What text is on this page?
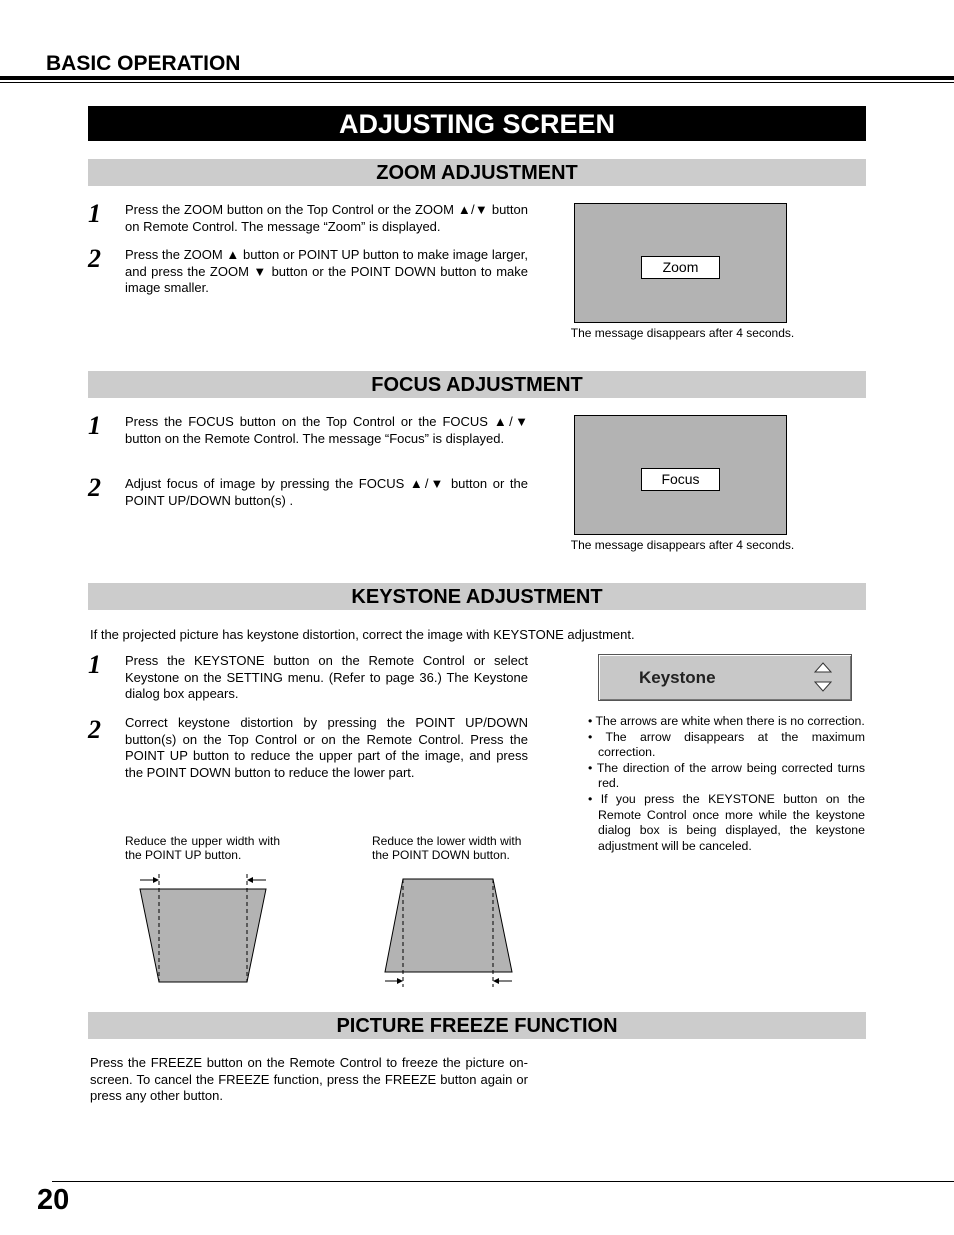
BASIC OPERATION
ADJUSTING SCREEN
ZOOM ADJUSTMENT
1 Press the ZOOM button on the Top Control or the ZOOM ▲/▼ button on Remote Control. The message “Zoom” is displayed.
2 Press the ZOOM ▲ button or POINT UP button to make image larger, and press the ZOOM ▼ button or the POINT DOWN button to make image smaller.
Zoom
The message disappears after 4 seconds.
FOCUS ADJUSTMENT
1 Press the FOCUS button on the Top Control or the FOCUS ▲/▼ button on the Remote Control. The message “Focus” is displayed.
2 Adjust focus of image by pressing the FOCUS ▲/▼ button or the POINT UP/DOWN button(s) .
Focus
The message disappears after 4 seconds.
KEYSTONE ADJUSTMENT
If the projected picture has keystone distortion, correct the image with KEYSTONE adjustment.
1 Press the KEYSTONE button on the Remote Control or select Keystone on the SETTING menu. (Refer to page 36.) The Keystone dialog box appears.
2 Correct keystone distortion by pressing the POINT UP/DOWN button(s) on the Top Control or on the Remote Control. Press the POINT UP button to reduce the upper part of the image, and press the POINT DOWN button to reduce the lower part.
Keystone
• The arrows are white when there is no correction.
• The arrow disappears at the maximum correction.
• The direction of the arrow being corrected turns red.
• If you press the KEYSTONE button on the Remote Control once more while the keystone dialog box is being displayed, the keystone adjustment will be canceled.
Reduce the upper width with the POINT UP button.
Reduce the lower width with the POINT DOWN button.
PICTURE FREEZE FUNCTION
Press the FREEZE button on the Remote Control to freeze the picture on-screen. To cancel the FREEZE function, press the FREEZE button again or press any other button.
20
